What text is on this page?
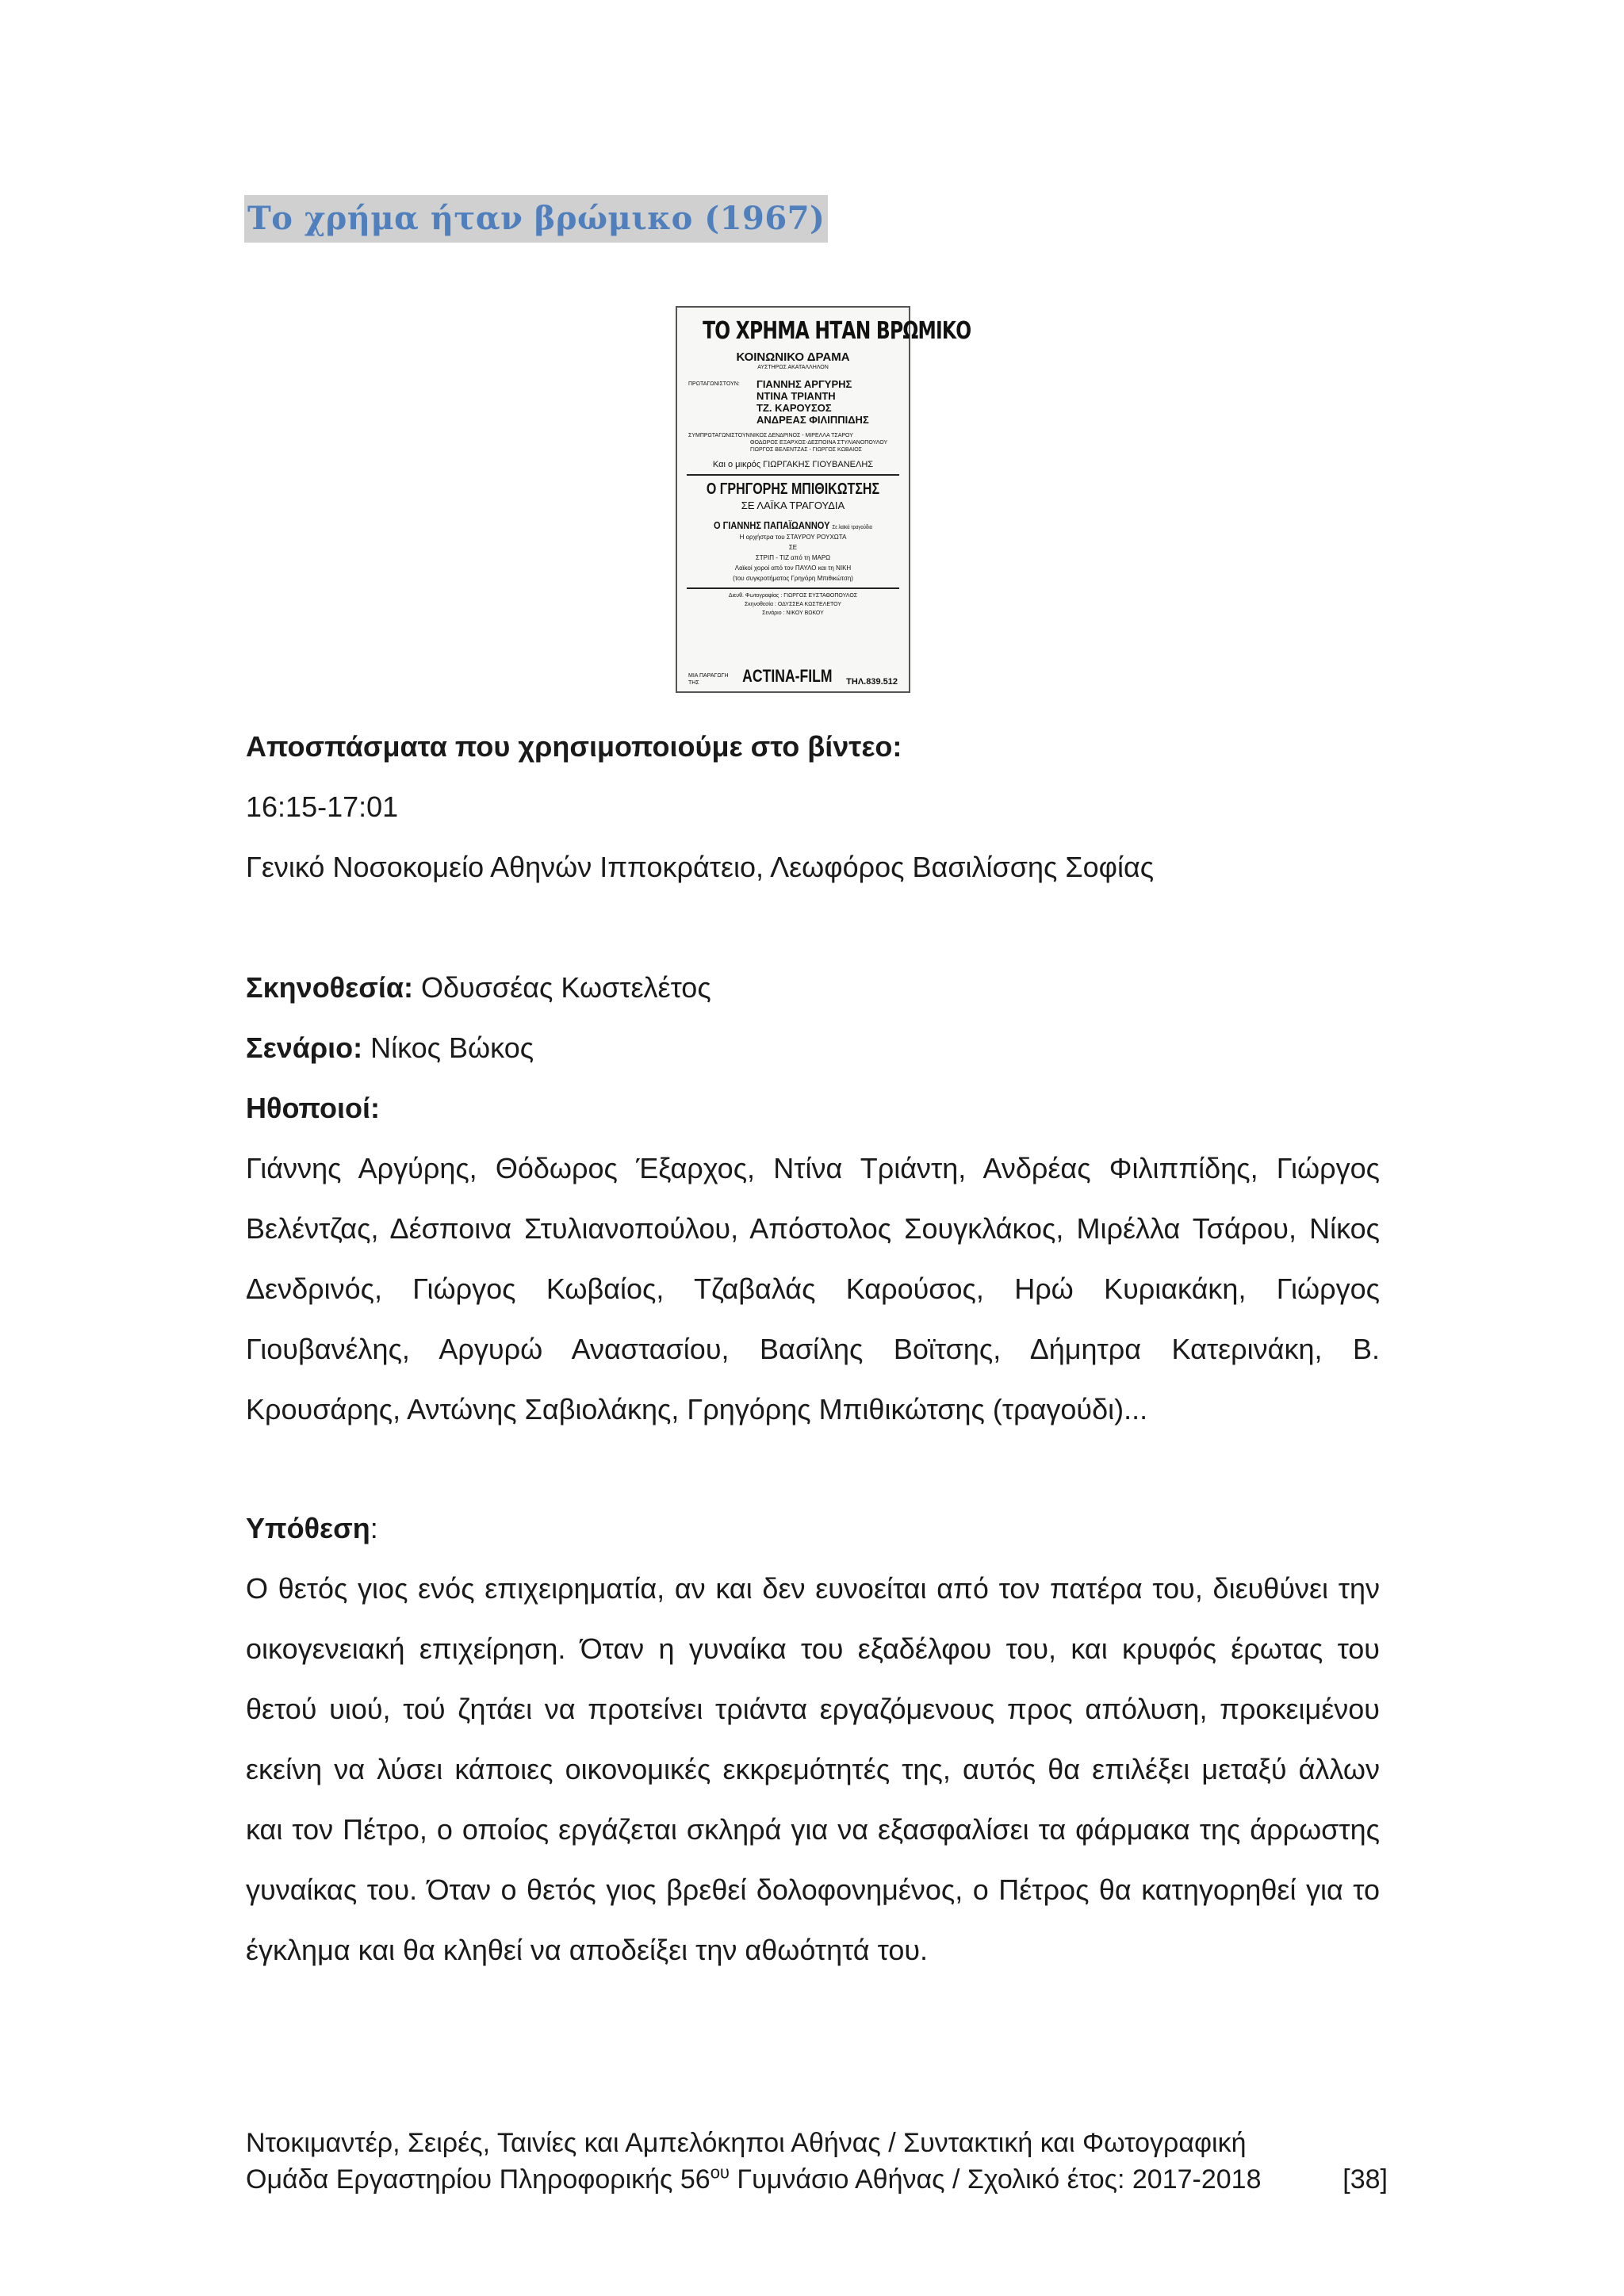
Το χρήμα ήταν βρώμικο (1967)
ΤΟ ΧΡΗΜΑ ΗΤΑΝ ΒΡΩΜΙΚΟ
ΚΟΙΝΩΝΙΚΟ ΔΡΑΜΑ
ΑΥΣΤΗΡΩΣ ΑΚΑΤΑΛΛΗΛΟΝ
ΠΡΩΤΑΓΩΝΙΣΤΟΥΝ: ΓΙΑΝΝΗΣ ΑΡΓΥΡΗΣ
ΝΤΙΝΑ ΤΡΙΑΝΤΗ
ΤΖ. ΚΑΡΟΥΣΟΣ
ΑΝΔΡΕΑΣ ΦΙΛΙΠΠΙΔΗΣ
ΣΥΜΠΡΩΤΑΓΩΝΙΣΤΟΥΝ:ΝΙΚΟΣ ΔΕΝΔΡΙΝΟΣ - ΜΙΡΕΛΛΑ ΤΣΑΡΟΥ
ΘΟΔΩΡΟΣ ΕΞΑΡΧΟΣ-ΔΕΣΠΟΙΝΑ ΣΤΥΛΙΑΝΟΠΟΥΛΟΥ
ΓΙΩΡΓΟΣ ΒΕΛΕΝΤΖΑΣ - ΓΙΩΡΓΟΣ ΚΩΒΑΙΟΣ
Και ο μικρός ΓΙΩΡΓΑΚΗΣ ΓΙΟΥΒΑΝΕΛΗΣ
Ο ΓΡΗΓΟΡΗΣ ΜΠΙΘΙΚΩΤΣΗΣ
ΣΕ ΛΑΪΚΑ ΤΡΑΓΟΥΔΙΑ
Ο ΓΙΑΝΝΗΣ ΠΑΠΑΪΩΑΝΝΟΥ Σε λαϊκά τραγούδια
Η ορχήστρα του ΣΤΑΥΡΟΥ ΡΟΥΧΩΤΑ
ΣΕ
ΣΤΡΙΠ - ΤΙΖ από τη ΜΑΡΩ
Λαϊκοί χοροί από τον ΠΑΥΛΟ και τη ΝΙΚΗ
(του συγκροτήματος Γρηγόρη Μπιθικώτση)
Διευθ. Φωτογραφίας : ΓΙΩΡΓΟΣ ΕΥΣΤΑΘΟΠΟΥΛΟΣ
Σκηνοθεσία : ΟΔΥΣΣΕΑ ΚΩΣΤΕΛΕΤΟΥ
Σενάριο : ΝΙΚΟΥ ΒΩΚΟΥ
ΜΙΑ ΠΑΡΑΓΩΓΗ
ΤΗΣ	ACTINA-FILM ΤΗΛ.839.512
Αποσπάσματα που χρησιμοποιούμε στο βίντεο:
16:15-17:01
Γενικό Νοσοκομείο Αθηνών Ιπποκράτειο, Λεωφόρος Βασιλίσσης Σοφίας
Σκηνοθεσία: Οδυσσέας Κωστελέτος
Σενάριο: Νίκος Βώκος
Ηθοποιοί:

Γιάννης Αργύρης, Θόδωρος Έξαρχος, Ντίνα Τριάντη, Ανδρέας Φιλιππίδης, Γιώργος Βελέντζας, Δέσποινα Στυλιανοπούλου, Απόστολος Σουγκλάκος, Μιρέλλα Τσάρου, Νίκος Δενδρινός, Γιώργος Κωβαίος, Τζαβαλάς Καρούσος, Ηρώ Κυριακάκη, Γιώργος Γιουβανέλης, Αργυρώ Αναστασίου, Βασίλης Βοϊτσης, Δήμητρα Κατερινάκη, Β. Κρουσάρης, Αντώνης Σαβιολάκης, Γρηγόρης Μπιθικώτσης (τραγούδι)...

Υπόθεση:

Ο θετός γιος ενός επιχειρηματία, αν και δεν ευνοείται από τον πατέρα του, διευθύνει την οικογενειακή επιχείρηση. Όταν η γυναίκα του εξαδέλφου του, και κρυφός έρωτας του θετού υιού, τού ζητάει να προτείνει τριάντα εργαζόμενους προς απόλυση, προκειμένου εκείνη να λύσει κάποιες οικονομικές εκκρεμότητές της, αυτός θα επιλέξει μεταξύ άλλων και τον Πέτρο, ο οποίος εργάζεται σκληρά για να εξασφαλίσει τα φάρμακα της άρρωστης γυναίκας του. Όταν ο θετός γιος βρεθεί δολοφονημένος, ο Πέτρος θα κατηγορηθεί για το έγκλημα και θα κληθεί να αποδείξει την αθωότητά του.

Ντοκιμαντέρ, Σειρές, Ταινίες και Αμπελόκηποι Αθήνας / Συντακτική και Φωτογραφική
Ομάδα Εργαστηρίου Πληροφορικής $56^{o\upsilon}$ Γυμνάσιο Αθήνας / Σχολικό έτος: 2017-2018	[38]
